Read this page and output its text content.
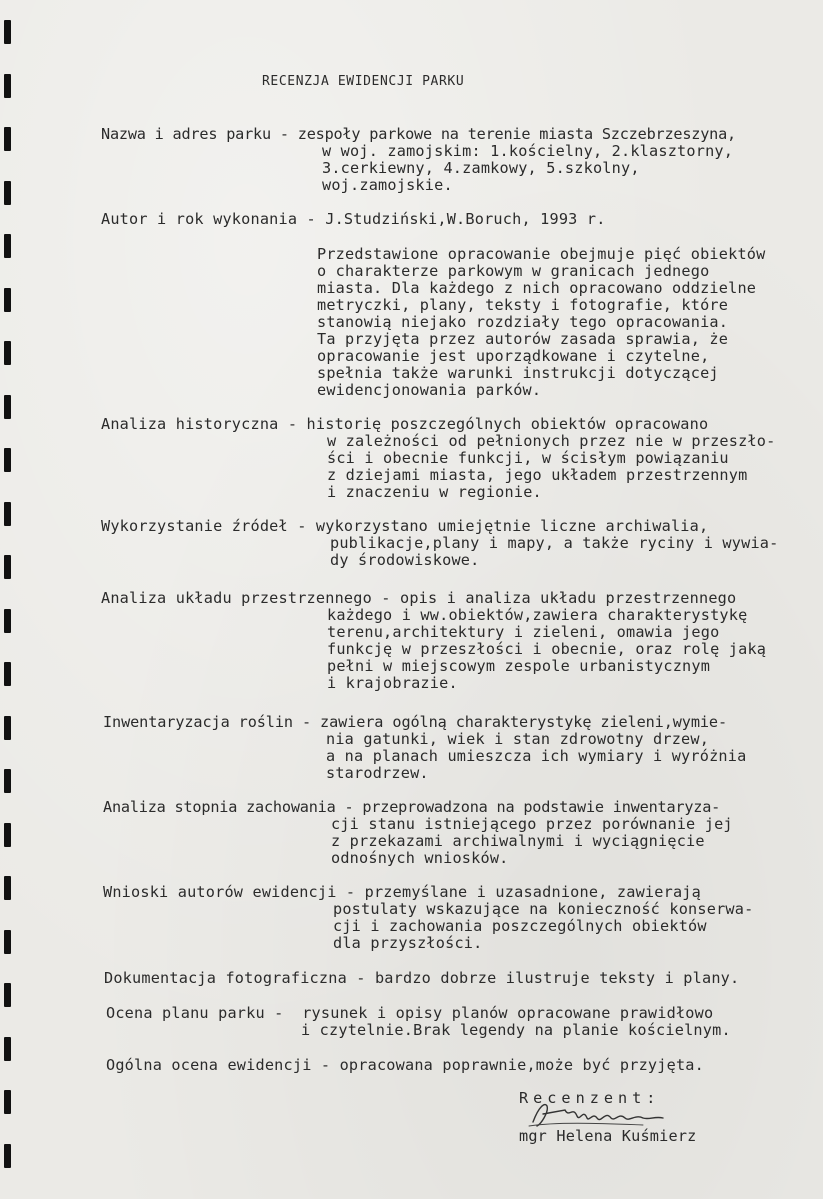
RECENZJA EWIDENCJI PARKU
Nazwa i adres parku - zespoły parkowe na terenie miasta Szczebrzeszyna,
w woj. zamojskim: 1.kościelny, 2.klasztorny,
3.cerkiewny, 4.zamkowy, 5.szkolny,
woj.zamojskie.
Autor i rok wykonania - J.Studziński,W.Boruch, 1993 r.
Przedstawione opracowanie obejmuje pięć obiektów
o charakterze parkowym w granicach jednego
miasta. Dla każdego z nich opracowano oddzielne
metryczki, plany, teksty i fotografie, które
stanowią niejako rozdziały tego opracowania.
Ta przyjęta przez autorów zasada sprawia, że
opracowanie jest uporządkowane i czytelne,
spełnia także warunki instrukcji dotyczącej
ewidencjonowania parków.
Analiza historyczna - historię poszczególnych obiektów opracowano
w zależności od pełnionych przez nie w przeszło-
ści i obecnie funkcji, w ścisłym powiązaniu
z dziejami miasta, jego układem przestrzennym
i znaczeniu w regionie.
Wykorzystanie źródeł - wykorzystano umiejętnie liczne archiwalia,
publikacje,plany i mapy, a także ryciny i wywia-
dy środowiskowe.
Analiza układu przestrzennego - opis i analiza układu przestrzennego
każdego i ww.obiektów,zawiera charakterystykę
terenu,architektury i zieleni, omawia jego
funkcję w przeszłości i obecnie, oraz rolę jaką
pełni w miejscowym zespole urbanistycznym
i krajobrazie.
Inwentaryzacja roślin - zawiera ogólną charakterystykę zieleni,wymie-
nia gatunki, wiek i stan zdrowotny drzew,
a na planach umieszcza ich wymiary i wyróżnia
starodrzew.
Analiza stopnia zachowania - przeprowadzona na podstawie inwentaryza-
cji stanu istniejącego przez porównanie jej
z przekazami archiwalnymi i wyciągnięcie
odnośnych wniosków.
Wnioski autorów ewidencji - przemyślane i uzasadnione, zawierają
postulaty wskazujące na konieczność konserwa-
cji i zachowania poszczególnych obiektów
dla przyszłości.
Dokumentacja fotograficzna - bardzo dobrze ilustruje teksty i plany.
Ocena planu parku -  rysunek i opisy planów opracowane prawidłowo
i czytelnie.Brak legendy na planie kościelnym.
Ogólna ocena ewidencji - opracowana poprawnie,może być przyjęta.
Recenzent:
mgr Helena Kuśmierz
